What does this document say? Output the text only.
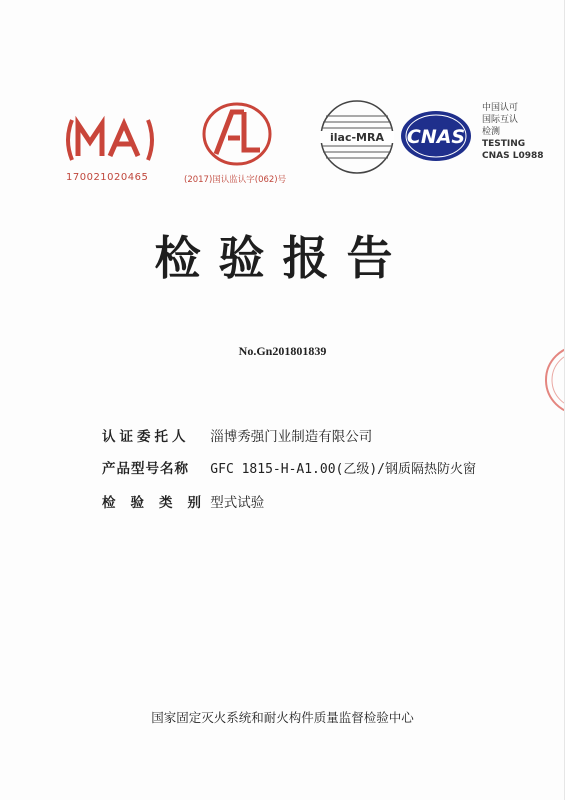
170021020465	(2017)国认监认字(062)号
ilac-MRA CNAS
中国认可
国际互认
检测
TESTING
CNAS L0988
检验报告
No.Gn201801839
认证委托人 淄博秀强门业制造有限公司
产品型号名称 GFC 1815-H-A1.00(乙级)/钢质隔热防火窗
检验类别 型式试验
国家固定灭火系统和耐火构件质量监督检验中心
